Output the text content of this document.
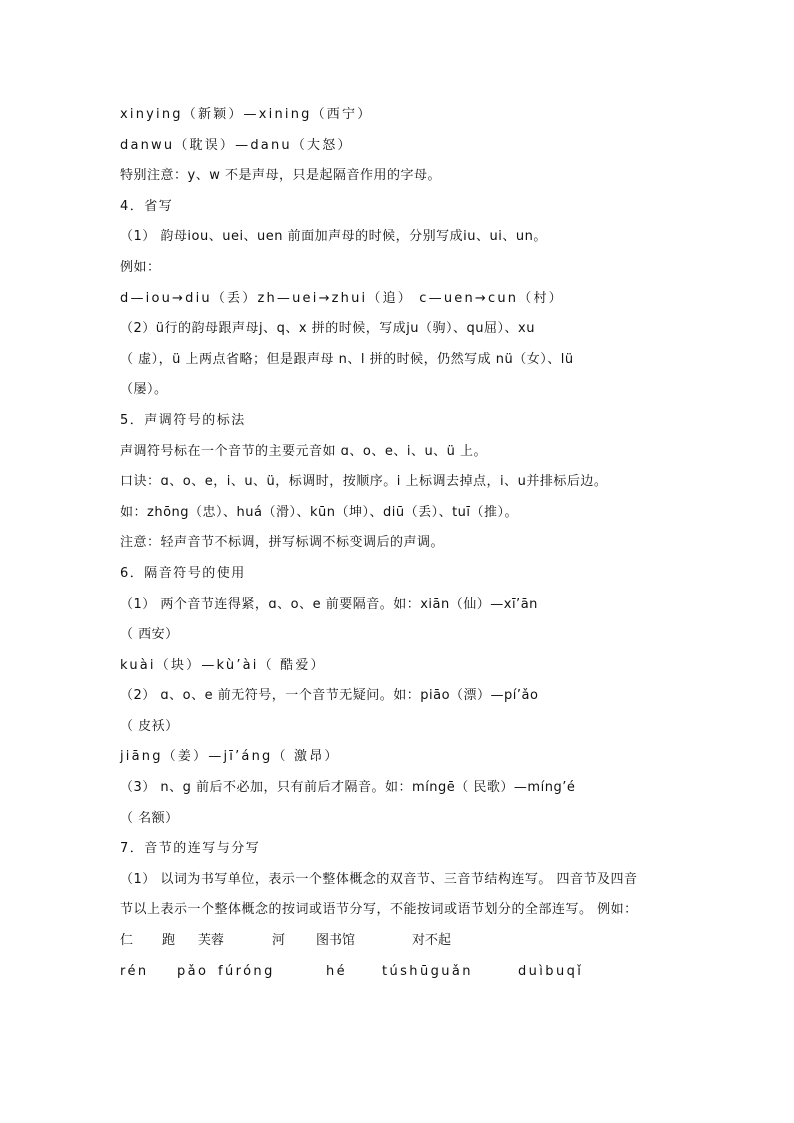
xinying（新颖）—xining（西宁）
danwu（耽误）—danu（大怒）
特别注意：y、w 不是声母，只是起隔音作用的字母。
4．省写
（1） 韵母iou、uei、uen 前面加声母的时候，分别写成iu、ui、un。
例如：
d—iou→diu（丢）zh—uei→zhui（追） c—uen→cun（村）
（2）ü行的韵母跟声母j、q、x 拼的时候，写成ju（驹）、qu屈）、xu
（ 虚），ü 上两点省略；但是跟声母 n、l 拼的时候，仍然写成 nü（女）、lü
（屡）。
5．声调符号的标法
声调符号标在一个音节的主要元音如 ɑ、o、e、i、u、ü 上。
口诀：ɑ、o、e，i、u、ü，标调时，按顺序。i 上标调去掉点，i、u并排标后边。
如：zhōng（忠）、huá（滑）、kūn（坤）、diū（丢）、tuī（推）。
注意：轻声音节不标调，拼写标调不标变调后的声调。
6．隔音符号的使用
（1） 两个音节连得紧，ɑ、o、e 前要隔音。如：xiān（仙）—xī’ān
（ 西安）
kuài（块）—kù’ài（ 酷爱）
（2） ɑ、o、e 前无符号，一个音节无疑问。如：piāo（漂）—pí’ǎo
（ 皮袄）
jiāng（姜）—jī’áng（ 激昂）
（3） n、g 前后不必加，只有前后才隔音。如：míngē（ 民歌）—míng’é
（ 名额）
7．音节的连写与分写
（1） 以词为书写单位，表示一个整体概念的双音节、三音节结构连写。 四音节及四音
节以上表示一个整体概念的按词或语节分写，不能按词或语节划分的全部连写。 例如：
仁 跑 芙蓉	河 图书馆	对不起
rén pǎo fúróng	hé	túshūguǎn	duìbuqǐ
